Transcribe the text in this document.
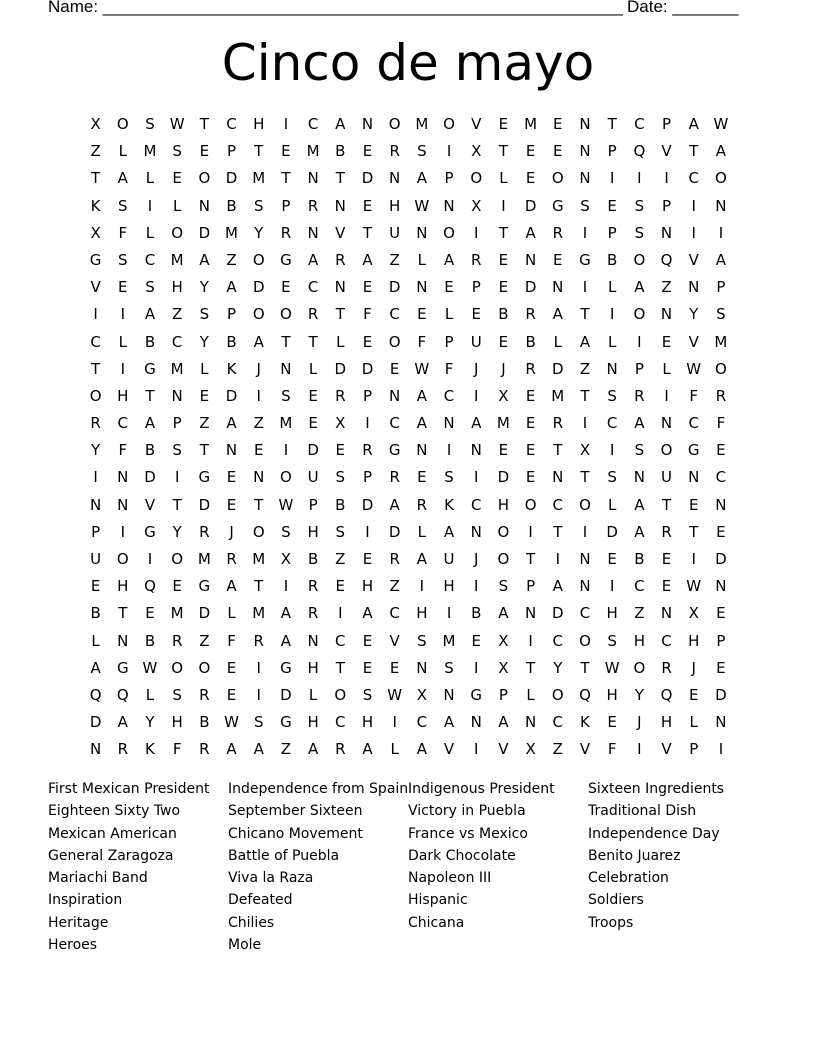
Name: _______________________________________________________ Date: _______
Cinco de mayo
X	O	S	W	T	C	H	I	C	A	N	O M O	V	E	M	E	N	T	C	P	A W
Z	L	M	S	E	P	T	E	M	B	E	R	S	I	X	T	E	E	N	P	Q	V	T	A
T	A	L	E	O	D M	T	N	T	D	N	A	P	O	L	E	O	N	I	I	I	C	O
K	S	I	L	N	B	S	P	R	N	E	H W N	X	I	D	G	S	E	S	P	I	N
X	F	L	O	D M	Y	R	N	V	T	U	N	O	I	T	A	R	I	P	S	N	I	I
G	S	C	M	A	Z	O	G	A	R	A	Z	L	A	R	E	N	E	G	B	O	Q	V	A
V	E	S	H	Y	A	D	E	C	N	E	D	N	E	P	E	D	N	I	L	A	Z	N	P
I	I	A	Z	S	P	O	O	R	T	F	C	E	L	E	B	R	A	T	I	O	N	Y	S
C	L	B	C	Y	B	A	T	T	L	E	O	F	P	U	E	B	L	A	L	I	E	V	M
T	I	G M	L	K	J	N	L	D	D	E	W	F	J	J	R	D	Z	N	P	L	W O
O	H	T	N	E	D	I	S	E	R	P	N	A	C	I	X	E	M	T	S	R	I	F	R
R	C	A	P	Z	A	Z	M	E	X	I	C	A	N	A	M	E	R	I	C	A	N	C	F
Y	F	B	S	T	N	E	I	D	E	R	G	N	I	N	E	E	T	X	I	S	O	G	E
I	N	D	I	G	E	N	O	U	S	P	R	E	S	I	D	E	N	T	S	N	U	N	C
N	N	V	T	D	E	T	W	P	B	D	A	R	K	C	H	O	C	O	L	A	T	E	N
P	I	G	Y	R	J	O	S	H	S	I	D	L	A	N	O	I	T	I	D	A	R	T	E
U	O	I	O M	R	M	X	B	Z	E	R	A	U	J	O	T	I	N	E	B	E	I	D
E	H	Q	E	G	A	T	I	R	E	H	Z	I	H	I	S	P	A	N	I	C	E	W N
B	T	E	M D	L	M	A	R	I	A	C	H	I	B	A	N	D	C	H	Z	N	X	E
L	N	B	R	Z	F	R	A	N	C	E	V	S	M	E	X	I	C	O	S	H	C	H	P
A	G W O	O	E	I	G	H	T	E	E	N	S	I	X	T	Y	T	W O	R	J	E
Q	Q	L	S	R	E	I	D	L	O	S	W X	N	G	P	L	O	Q	H	Y	Q	E	D
D	A	Y	H	B W	S	G	H	C	H	I	C	A	N	A	N	C	K	E	J	H	L	N
N	R	K	F	R	A	A	Z	A	R	A	L	A	V	I	V	X	Z	V	F	I	V	P	I
First Mexican President
Eighteen Sixty Two
Mexican American
General Zaragoza
Mariachi Band
Inspiration
Heritage
Heroes
Independence from Spain
September Sixteen
Chicano Movement
Battle of Puebla
Viva la Raza
Defeated
Chilies
Mole
Indigenous President
Victory in Puebla
France vs Mexico
Dark Chocolate
Napoleon III
Hispanic
Chicana
Sixteen Ingredients
Traditional Dish
Independence Day
Benito Juarez
Celebration
Soldiers
Troops
